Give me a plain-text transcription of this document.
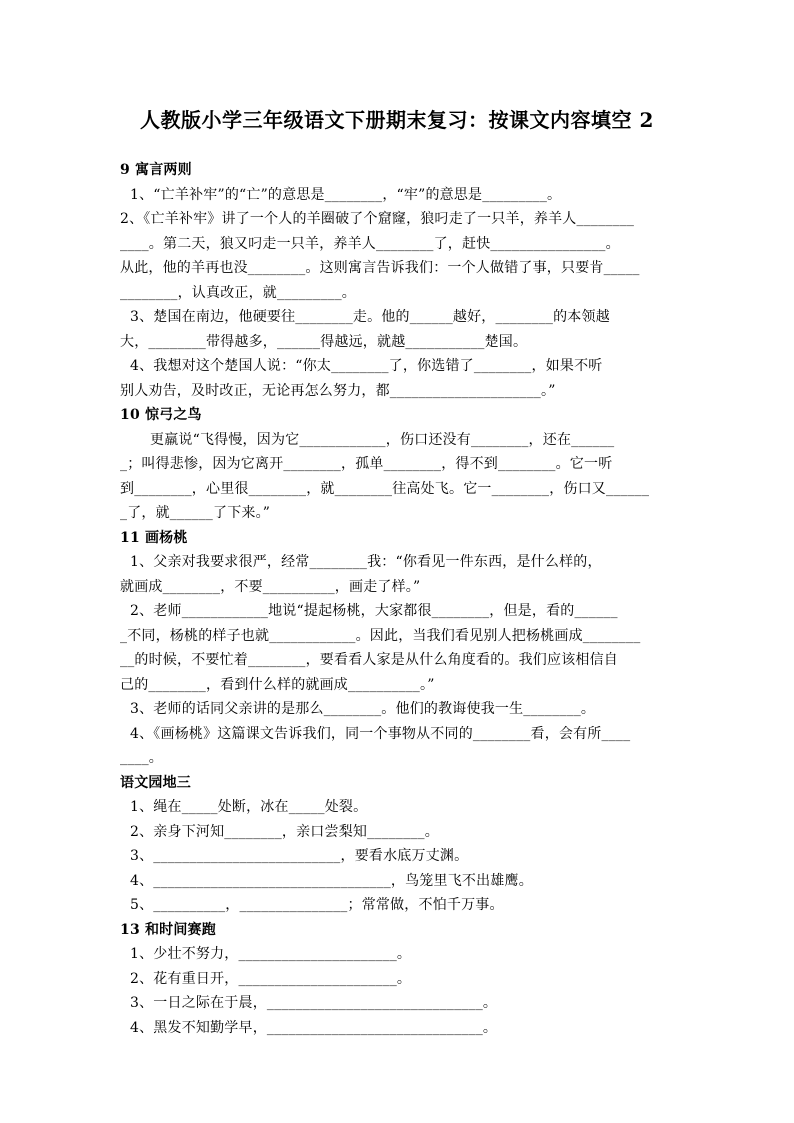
人教版小学三年级语文下册期末复习：按课文内容填空 2
9 寓言两则
1、“亡羊补牢”的“亡”的意思是________，“牢”的意思是_________。
2、《亡羊补牢》讲了一个人的羊圈破了个窟窿，狼叼走了一只羊，养羊人________
____。第二天，狼又叼走一只羊，养羊人________了，赶快________________。
从此，他的羊再也没________。这则寓言告诉我们：一个人做错了事，只要肯_____
________，认真改正，就_________。
3、楚国在南边，他硬要往________走。他的______越好，________的本领越
大，________带得越多，______得越远，就越___________楚国。
4、我想对这个楚国人说：“你太________了，你选错了________，如果不听
别人劝告，及时改正，无论再怎么努力，都_____________________。”
10 惊弓之鸟
更羸说“飞得慢，因为它____________，伤口还没有________，还在______
_；叫得悲惨，因为它离开________，孤单________，得不到________。它一听
到________，心里很________，就________往高处飞。它一________，伤口又______
_了，就______了下来。”
11 画杨桃
1、父亲对我要求很严，经常________我：“你看见一件东西，是什么样的，
就画成________，不要__________，画走了样。”
2、老师____________地说“提起杨桃，大家都很________，但是，看的______
_不同，杨桃的样子也就____________。因此，当我们看见别人把杨桃画成________
__的时候，不要忙着________，要看看人家是从什么角度看的。我们应该相信自
己的________，看到什么样的就画成__________。”
3、老师的话同父亲讲的是那么________。他们的教诲使我一生________。
4、《画杨桃》这篇课文告诉我们，同一个事物从不同的________看，会有所____
____。
语文园地三
1、绳在_____处断，冰在_____处裂。
2、亲身下河知________，亲口尝梨知________。
3、__________________________，要看水底万丈渊。
4、_________________________________，鸟笼里飞不出雄鹰。
5、__________，_______________；常常做，不怕千万事。
13 和时间赛跑
1、少壮不努力，______________________。
2、花有重日开，______________________。
3、一日之际在于晨，______________________________。
4、黑发不知勤学早，______________________________。
